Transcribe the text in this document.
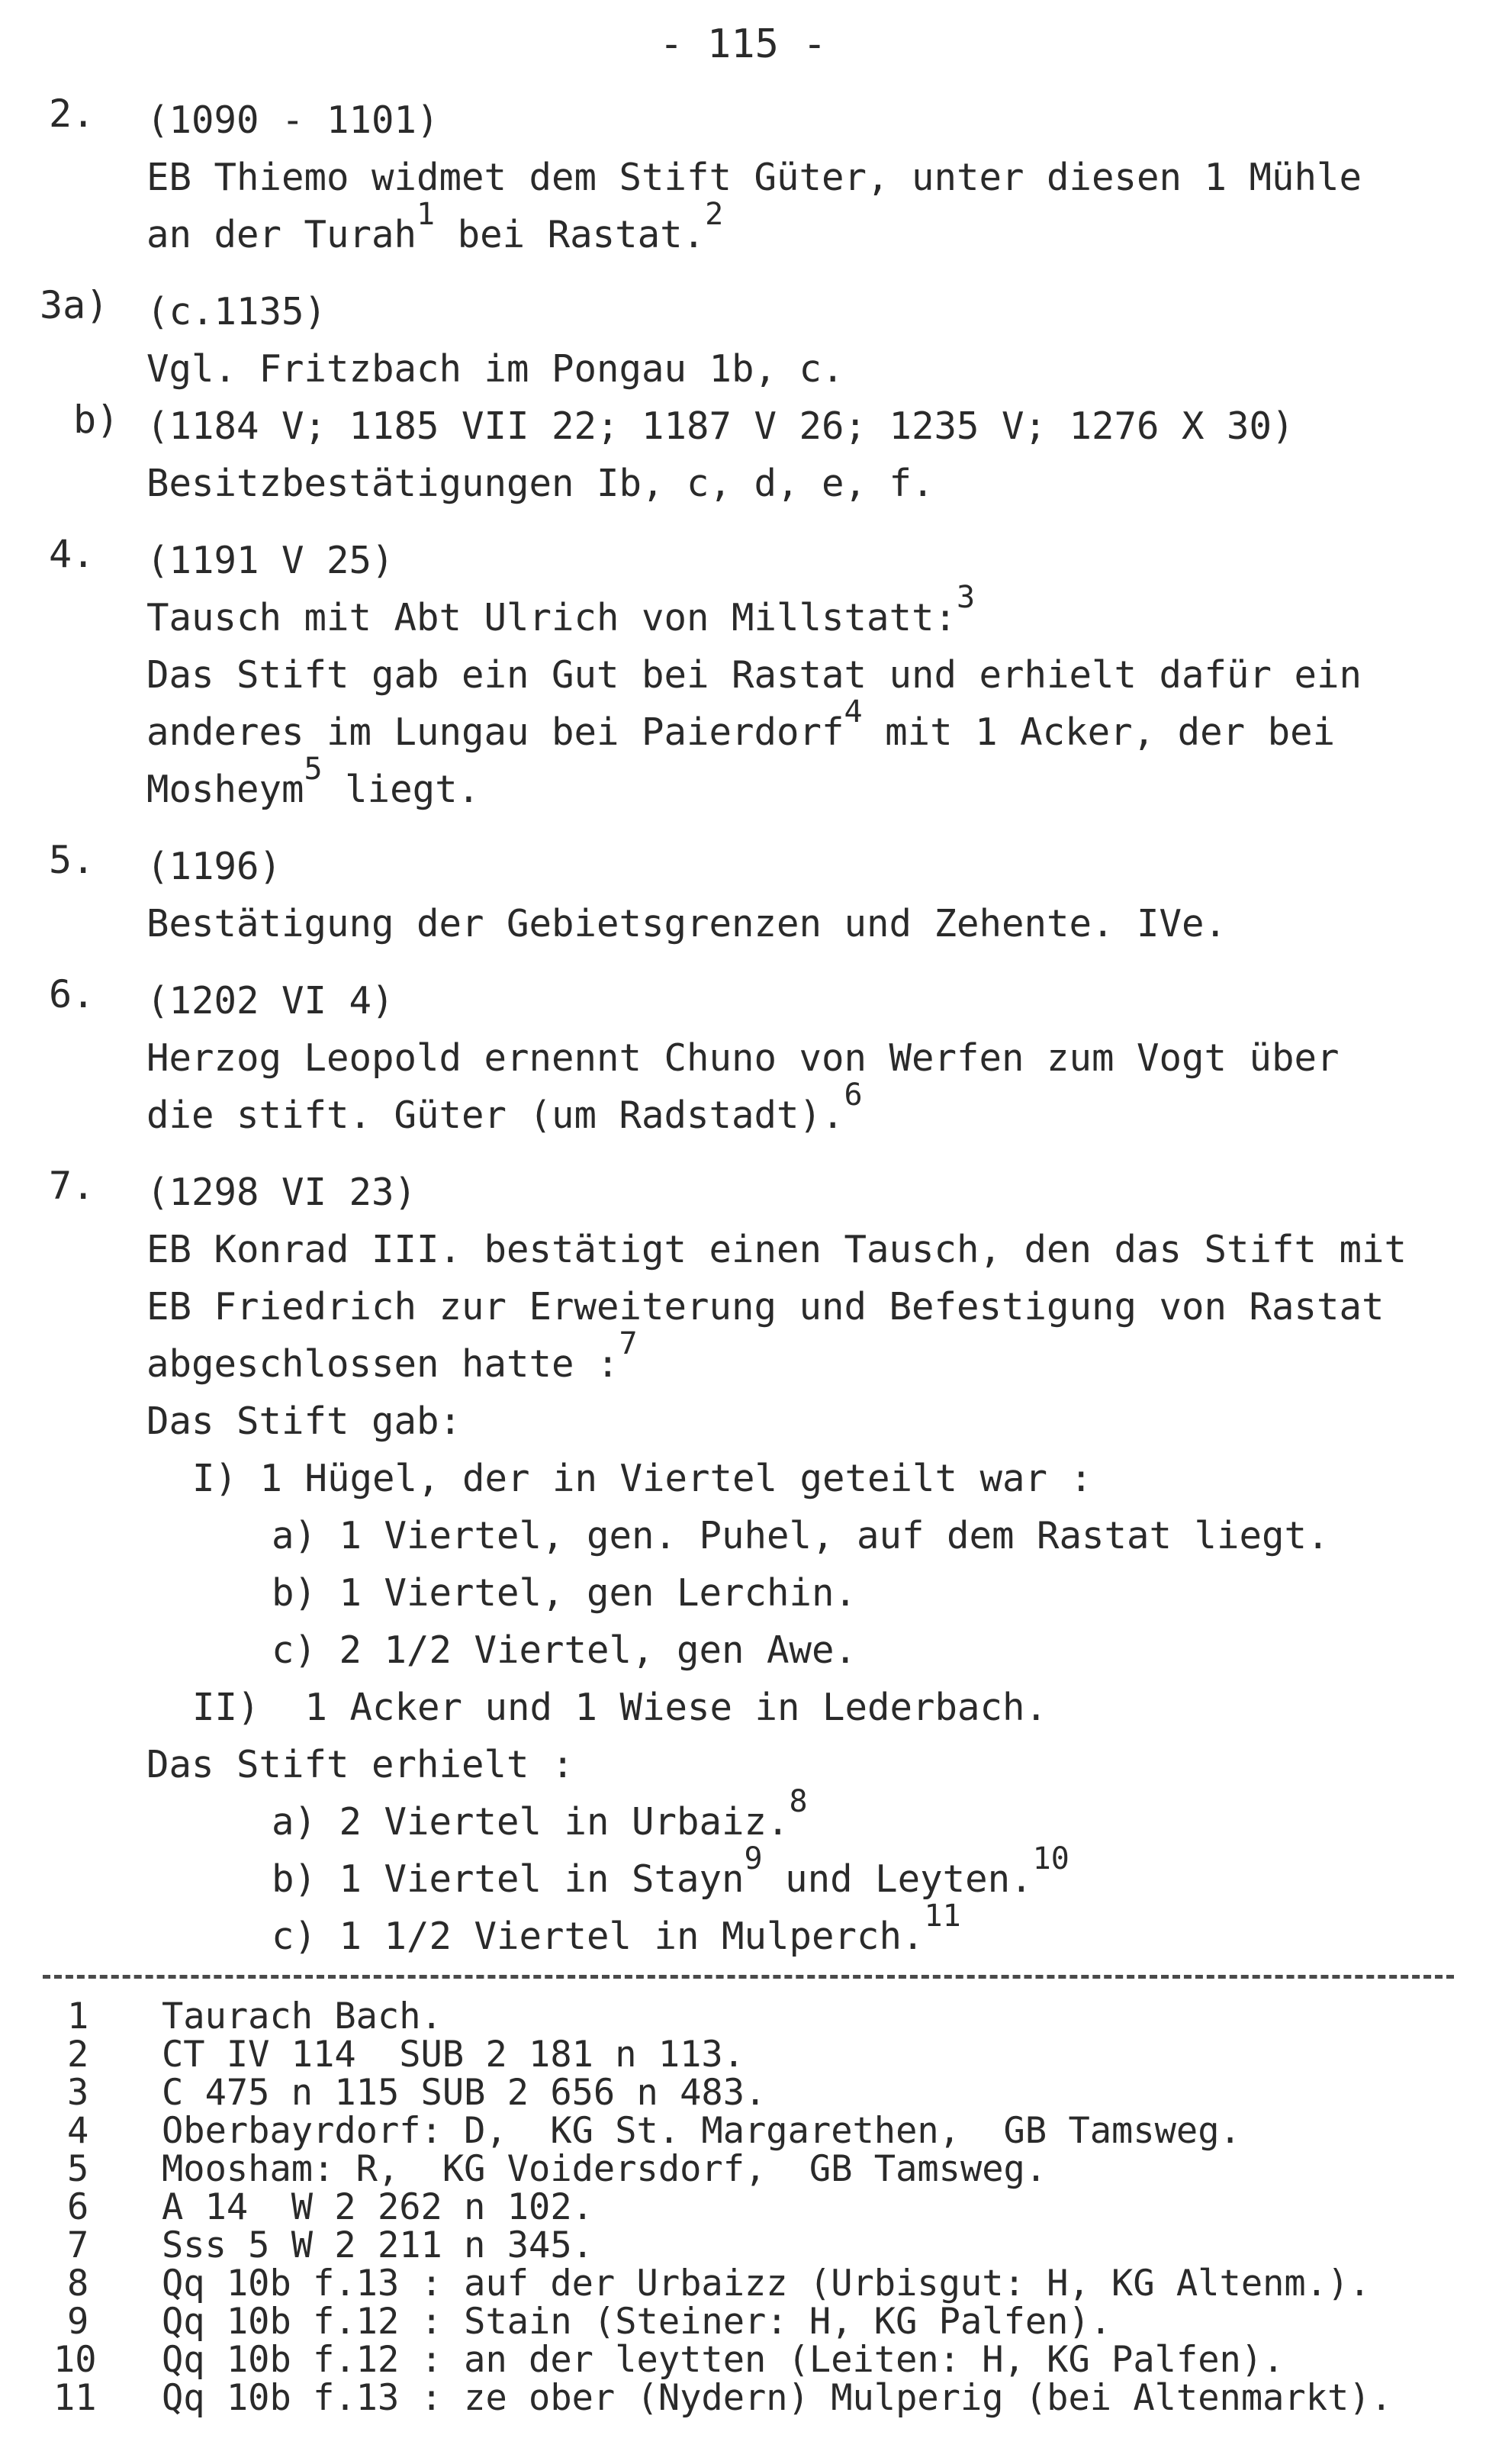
- 115 -
2.	(1090 - 1101)
EB Thiemo widmet dem Stift Güter, unter diesen 1 Mühle
an der Turah$^1$ bei Rastat.$^2$
3a)	(c.1135)
Vgl. Fritzbach im Pongau 1b, c.
b) (1184 V; 1185 VII 22; 1187 V 26; 1235 V; 1276 X 30)
Besitzbestätigungen Ib, c, d, e, f.
4.	(1191 V 25)
Tausch mit Abt Ulrich von Millstatt:$^3$
Das Stift gab ein Gut bei Rastat und erhielt dafür ein
anderes im Lungau bei Paierdorf$^4$ mit 1 Acker, der bei
Mosheym$^5$ liegt.
5.	(1196)
Bestätigung der Gebietsgrenzen und Zehente. IVe.
6.	(1202 VI 4)
Herzog Leopold ernennt Chuno von Werfen zum Vogt über
die stift. Güter (um Radstadt).$^6$
7.	(1298 VI 23)
EB Konrad III. bestätigt einen Tausch, den das Stift mit
EB Friedrich zur Erweiterung und Befestigung von Rastat
abgeschlossen hatte :$^7$
Das Stift gab:
I) 1 Hügel, der in Viertel geteilt war :
a) 1 Viertel, gen. Puhel, auf dem Rastat liegt.
b) 1 Viertel, gen Lerchin.
c) 2 1/2 Viertel, gen Awe.
II)  1 Acker und 1 Wiese in Lederbach.
Das Stift erhielt :
a) 2 Viertel in Urbaiz.$^8$
b) 1 Viertel in Stayn$^9$ und Leyten.$^{10}$
c) 1 1/2 Viertel in Mulperch.$^{11}$
1 Taurach Bach.
2 CT IV 114  SUB 2 181 n 113.
3 C 475 n 115 SUB 2 656 n 483.
4 Oberbayrdorf: D,  KG St. Margarethen,  GB Tamsweg.
5 Moosham: R,  KG Voidersdorf,  GB Tamsweg.
6 A 14  W 2 262 n 102.
7 Sss 5 W 2 211 n 345.
8 Qq 10b f.13 : auf der Urbaizz (Urbisgut: H, KG Altenm.).
9 Qq 10b f.12 : Stain (Steiner: H, KG Palfen).
10 Qq 10b f.12 : an der leytten (Leiten: H, KG Palfen).
11 Qq 10b f.13 : ze ober (Nydern) Mulperig (bei Altenmarkt).
